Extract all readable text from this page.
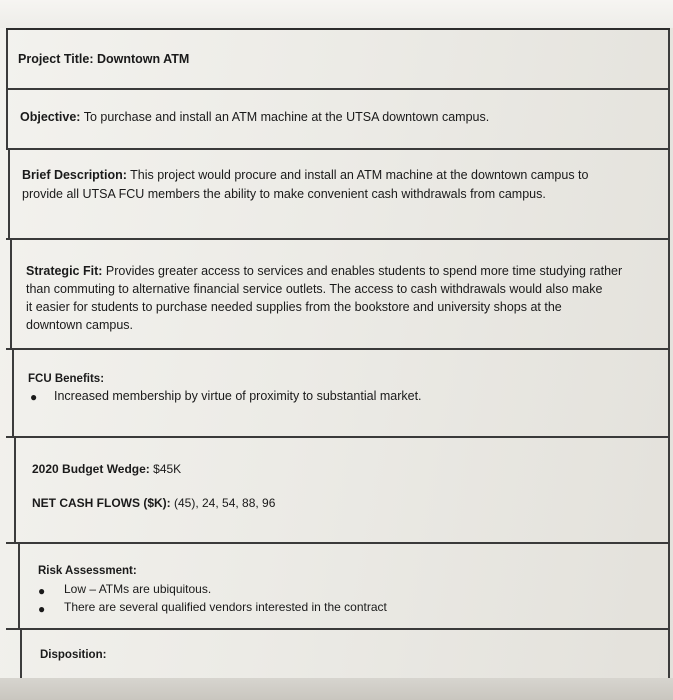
Project Title: Downtown ATM
Objective: To purchase and install an ATM machine at the UTSA downtown campus.
Brief Description: This project would procure and install an ATM machine at the downtown campus to
provide all UTSA FCU members the ability to make convenient cash withdrawals from campus.
Strategic Fit: Provides greater access to services and enables students to spend more time studying rather
than commuting to alternative financial service outlets. The access to cash withdrawals would also make
it easier for students to purchase needed supplies from the bookstore and university shops at the
downtown campus.
FCU Benefits:
● Increased membership by virtue of proximity to substantial market.
2020 Budget Wedge: $45K
NET CASH FLOWS ($K): (45), 24, 54, 88, 96
Risk Assessment:
● Low – ATMs are ubiquitous.
● There are several qualified vendors interested in the contract
Disposition:
